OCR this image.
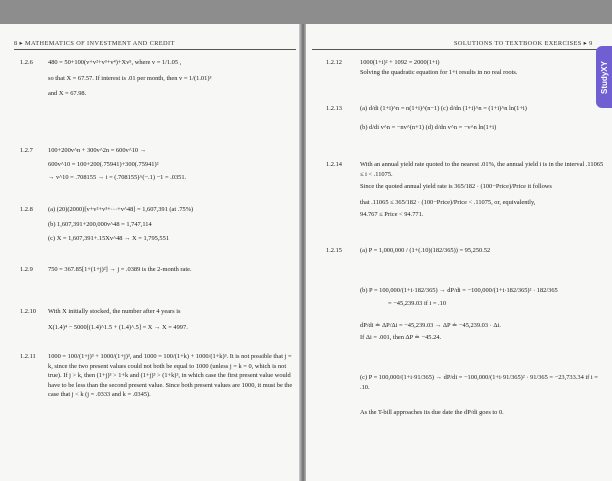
8 ▸ MATHEMATICS OF INVESTMENT AND CREDIT
1.2.6 480 = 50+100(v+v²+v³+v⁴)+Xv⁵, where v = 1/1.05 ,
so that X = 67.57. If interest is .01 per month, then v = 1/(1.01)³
and X = 67.98.
1.2.7 100+200v^n + 300v^2n = 600v^10 →
600v^10 = 100+200(.75941)+300(.75941)²
→ v^10 = .708155 → i = (.708155)^(−.1) −1 = .0351.
1.2.8 (a) (20)(2000)[v+v²+v³+···+v^48] = 1,607,391 (at .75%)
(b) 1,607,391+200,000v^48 = 1,747,114
(c) X = 1,607,391+.15Xv^48 → X = 1,795,551
1.2.9 750 = 367.85[1+(1+j)²] → j = .0389 is the 2-month rate.
1.2.10 With X initially stocked, the number after 4 years is
X(1.4)⁴ − 5000[(1.4)^1.5 + (1.4)^.5] = X → X = 4997.
1.2.11 1000 = 100/(1+j)³ + 1000/(1+j)³, and 1000 = 100/(1+k) + 1000/(1+k)³. It is not possible that j = k, since the two present values could not both be equal to 1000 (unless j = k = 0, which is not true). If j > k, then (1+j)³ > 1+k and (1+j)³ > (1+k)³, in which case the first present value would have to be less than the second present value. Since both present values are 1000, it must be the case that j < k (j = .0333 and k = .0345).
SOLUTIONS TO TEXTBOOK EXERCISES ▸ 9
1.2.12	1000(1+i)² + 1092 = 2000(1+i)
Solving the quadratic equation for 1+i results in no real roots.
1.2.13	(a) d/di (1+i)^n = n(1+i)^(n−1) (c) d/dn (1+i)^n = (1+i)^n ln(1+i)
(b) d/di v^n = −nv^(n+1) (d) d/dn v^n = −v^n ln(1+i)
1.2.14	With an annual yield rate quoted to the nearest .01%, the annual yield i is in the interval .11065 ≤ i < .11075.
Since the quoted annual yield rate is 365/182 · (100−Price)/Price it follows
that .11065 ≤ 365/182 · (100−Price)/Price < .11075, or, equivalently,
94.767 ≤ Price < 94.771.
1.2.15	(a) P = 1,000,000 / (1+(.10)(182/365)) = 95,250.52
(b) P = 100,000/(1+i·182/365) → dP/di = −100,000/(1+i·182/365)² · 182/365
= −45,239.03 if i = .10
dP/di ≐ ΔP/Δi = −45,239.03 → ΔP ≐ −45,239.03 · Δi.
If Δi = .001, then ΔP ≐ −45.24.
(c) P = 100,000/(1+i·91/365) → dP/di = −100,000/(1+i·91/365)² · 91/365 = −23,733.34 if i = .10.
As the T-bill approaches its due date the dP/di goes to 0.
StudyXY
